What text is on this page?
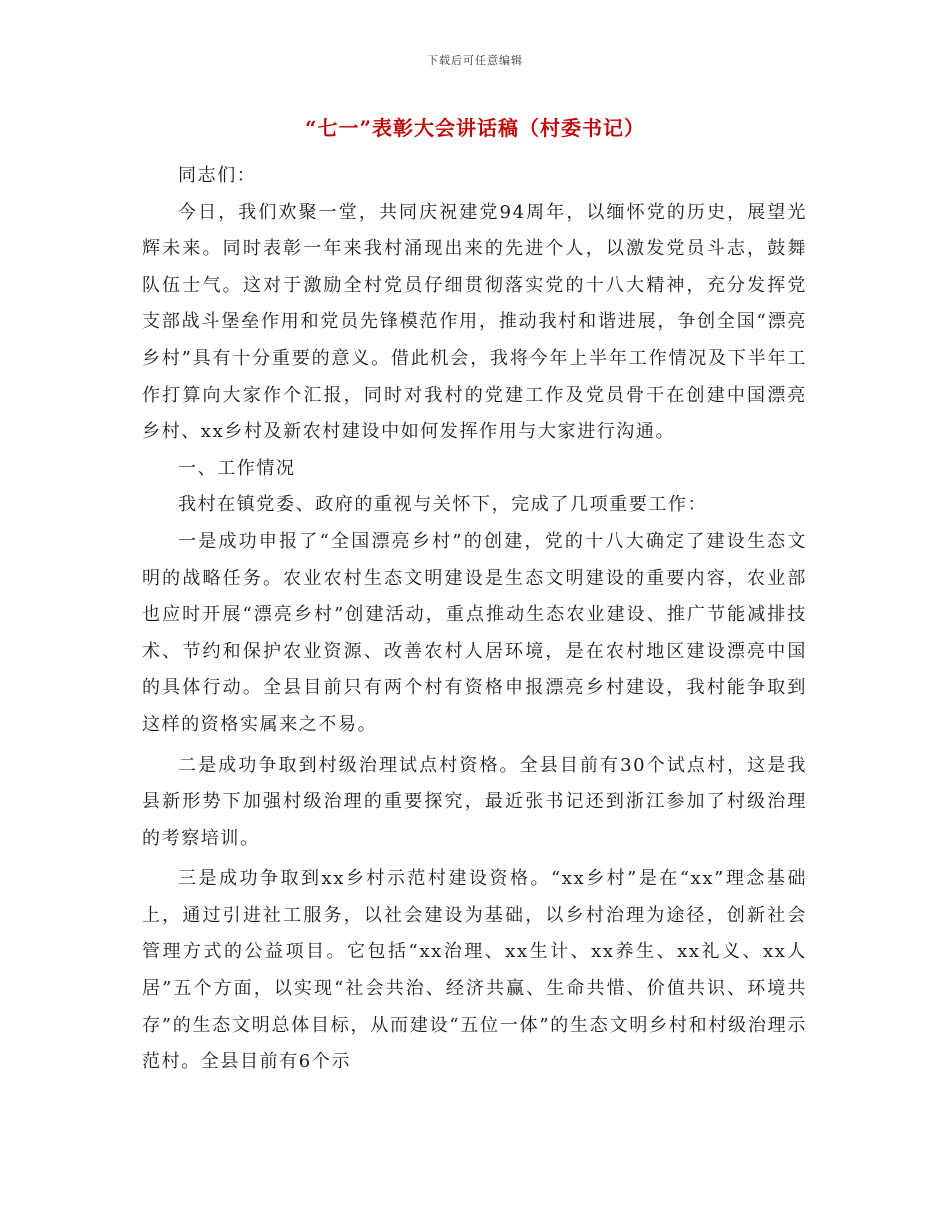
下载后可任意编辑
“七一”表彰大会讲话稿（村委书记）

同志们：

今日，我们欢聚一堂，共同庆祝建党94周年，以缅怀党的历史，展望光辉未来。同时表彰一年来我村涌现出来的先进个人，以激发党员斗志，鼓舞队伍士气。这对于激励全村党员仔细贯彻落实党的十八大精神，充分发挥党支部战斗堡垒作用和党员先锋模范作用，推动我村和谐进展，争创全国“漂亮乡村”具有十分重要的意义。借此机会，我将今年上半年工作情况及下半年工作打算向大家作个汇报，同时对我村的党建工作及党员骨干在创建中国漂亮乡村、xx乡村及新农村建设中如何发挥作用与大家进行沟通。

一、工作情况

我村在镇党委、政府的重视与关怀下，完成了几项重要工作：

一是成功申报了“全国漂亮乡村”的创建，党的十八大确定了建设生态文明的战略任务。农业农村生态文明建设是生态文明建设的重要内容，农业部也应时开展“漂亮乡村”创建活动，重点推动生态农业建设、推广节能减排技术、节约和保护农业资源、改善农村人居环境，是在农村地区建设漂亮中国的具体行动。全县目前只有两个村有资格申报漂亮乡村建设，我村能争取到这样的资格实属来之不易。

二是成功争取到村级治理试点村资格。全县目前有30个试点村，这是我县新形势下加强村级治理的重要探究，最近张书记还到浙江参加了村级治理的考察培训。

三是成功争取到xx乡村示范村建设资格。“xx乡村”是在“xx”理念基础上，通过引进社工服务，以社会建设为基础，以乡村治理为途径，创新社会管理方式的公益项目。它包括“xx治理、xx生计、xx养生、xx礼义、xx人居”五个方面，以实现“社会共治、经济共赢、生命共惜、价值共识、环境共存”的生态文明总体目标，从而建设“五位一体”的生态文明乡村和村级治理示范村。全县目前有6个示
